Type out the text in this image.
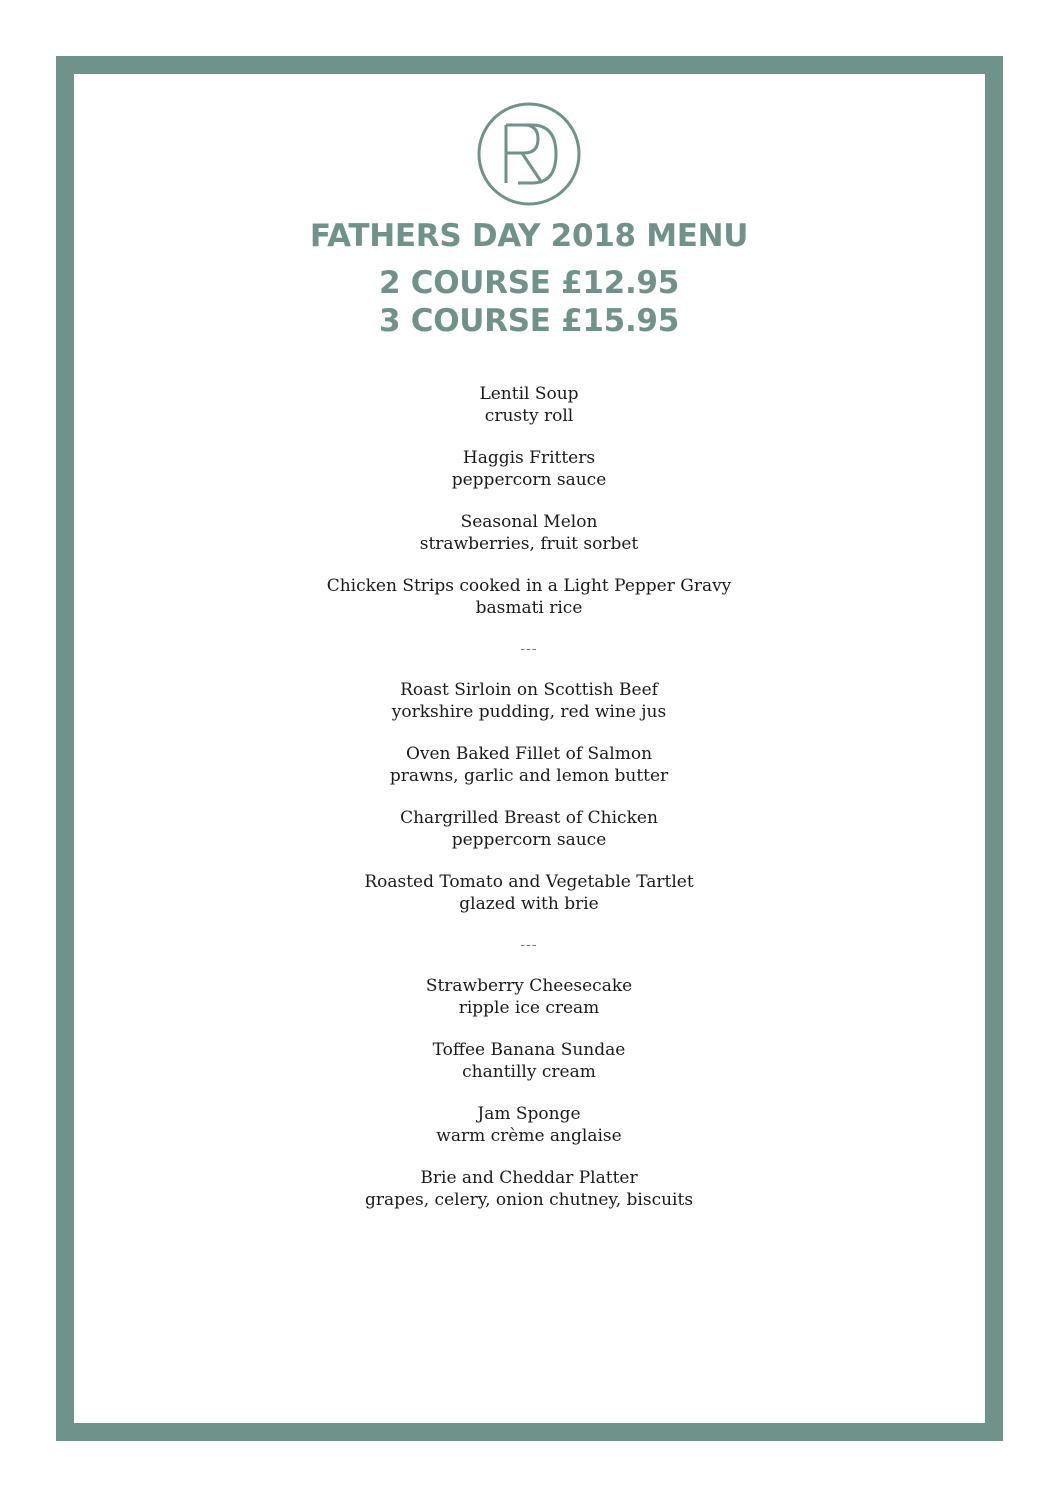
FATHERS DAY 2018 MENU

2 COURSE £12.95

3 COURSE £15.95

Lentil Soup
crusty roll
Haggis Fritters
peppercorn sauce
Seasonal Melon
strawberries, fruit sorbet
Chicken Strips cooked in a Light Pepper Gravy
basmati rice
---
Roast Sirloin on Scottish Beef
yorkshire pudding, red wine jus
Oven Baked Fillet of Salmon
prawns, garlic and lemon butter
Chargrilled Breast of Chicken
peppercorn sauce
Roasted Tomato and Vegetable Tartlet
glazed with brie
---
Strawberry Cheesecake
ripple ice cream
Toffee Banana Sundae
chantilly cream
Jam Sponge
warm crème anglaise
Brie and Cheddar Platter
grapes, celery, onion chutney, biscuits
